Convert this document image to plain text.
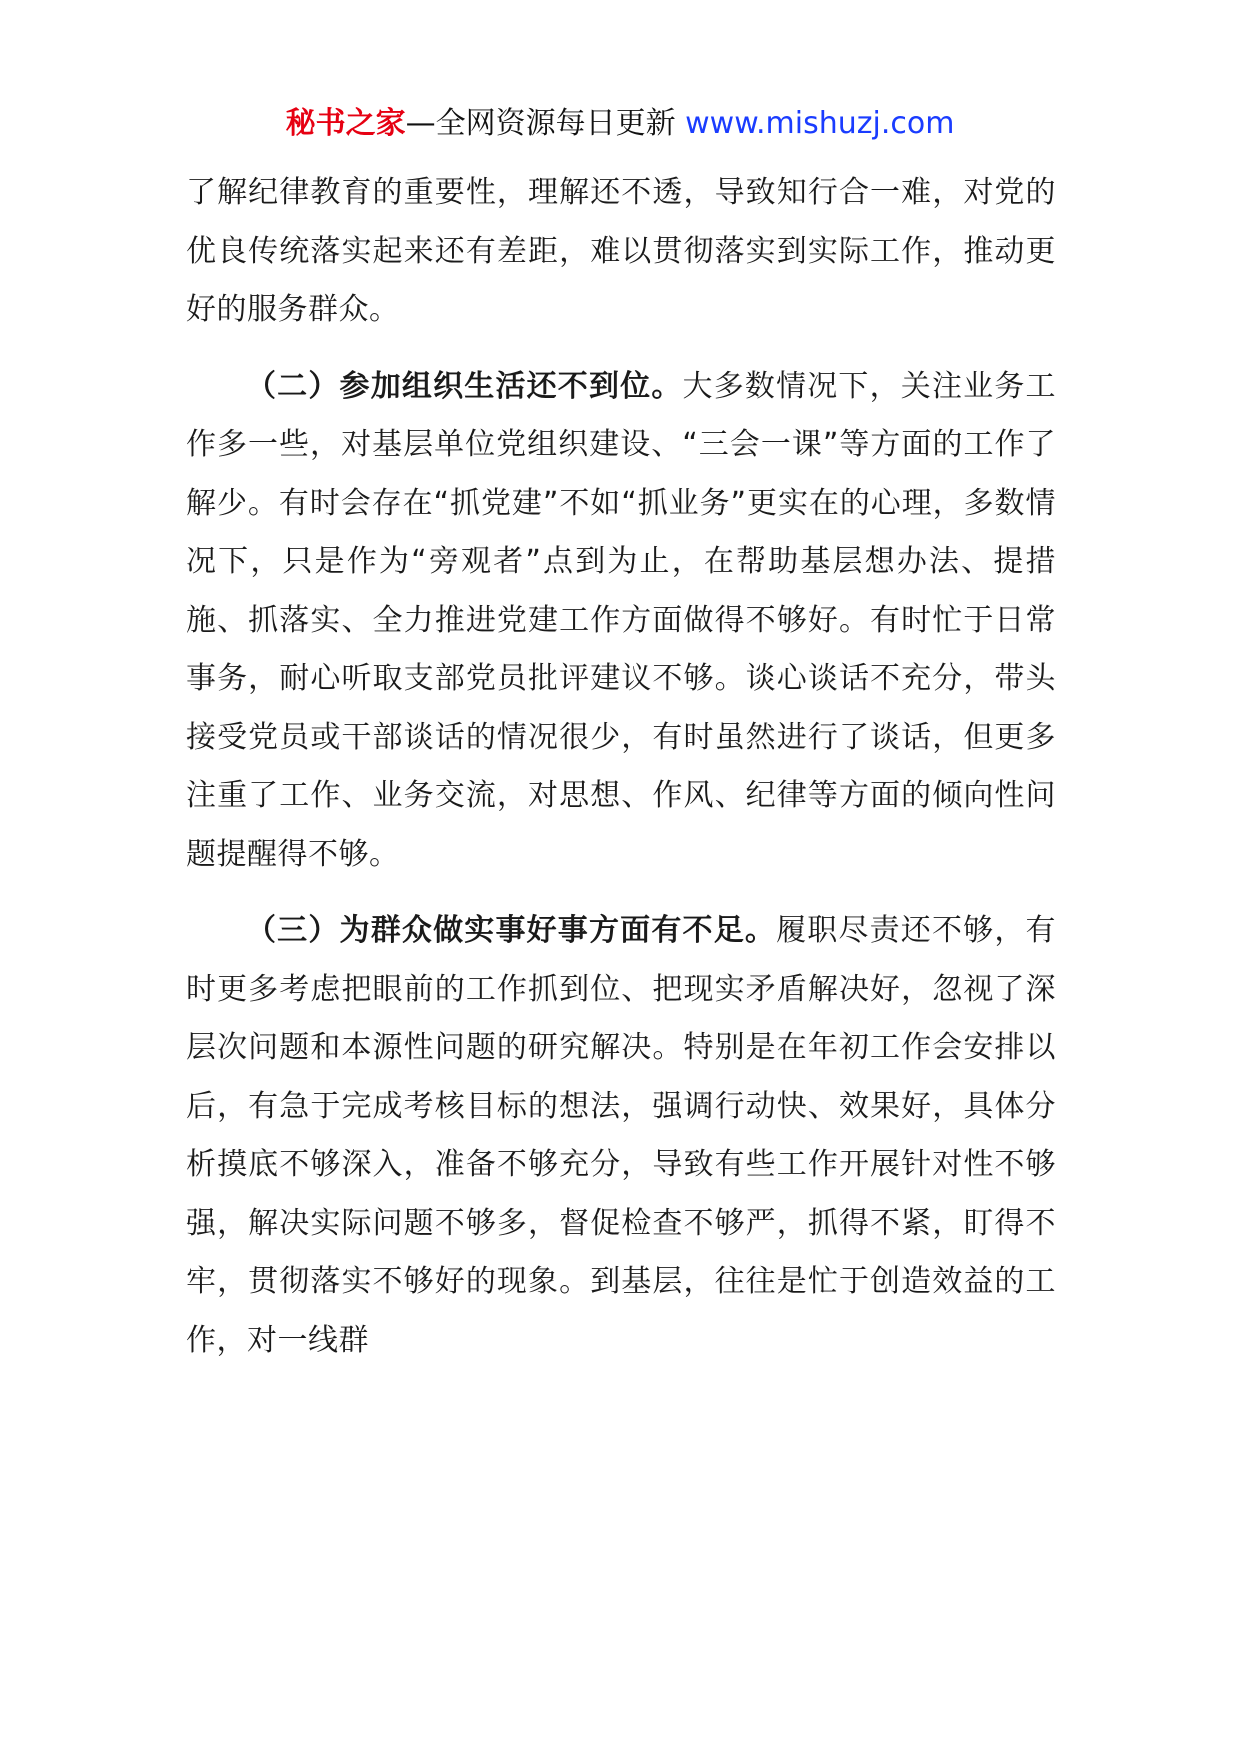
秘书之家—全网资源每日更新 www.mishuzj.com

了解纪律教育的重要性，理解还不透，导致知行合一难，对党的优良传统落实起来还有差距，难以贯彻落实到实际工作，推动更好的服务群众。

（二）参加组织生活还不到位。大多数情况下，关注业务工作多一些，对基层单位党组织建设、“三会一课”等方面的工作了解少。有时会存在“抓党建”不如“抓业务”更实在的心理，多数情况下，只是作为“旁观者”点到为止，在帮助基层想办法、提措施、抓落实、全力推进党建工作方面做得不够好。有时忙于日常事务，耐心听取支部党员批评建议不够。谈心谈话不充分，带头接受党员或干部谈话的情况很少，有时虽然进行了谈话，但更多注重了工作、业务交流，对思想、作风、纪律等方面的倾向性问题提醒得不够。

（三）为群众做实事好事方面有不足。履职尽责还不够，有时更多考虑把眼前的工作抓到位、把现实矛盾解决好，忽视了深层次问题和本源性问题的研究解决。特别是在年初工作会安排以后，有急于完成考核目标的想法，强调行动快、效果好，具体分析摸底不够深入，准备不够充分，导致有些工作开展针对性不够强，解决实际问题不够多，督促检查不够严，抓得不紧，盯得不牢，贯彻落实不够好的现象。到基层，往往是忙于创造效益的工作，对一线群
